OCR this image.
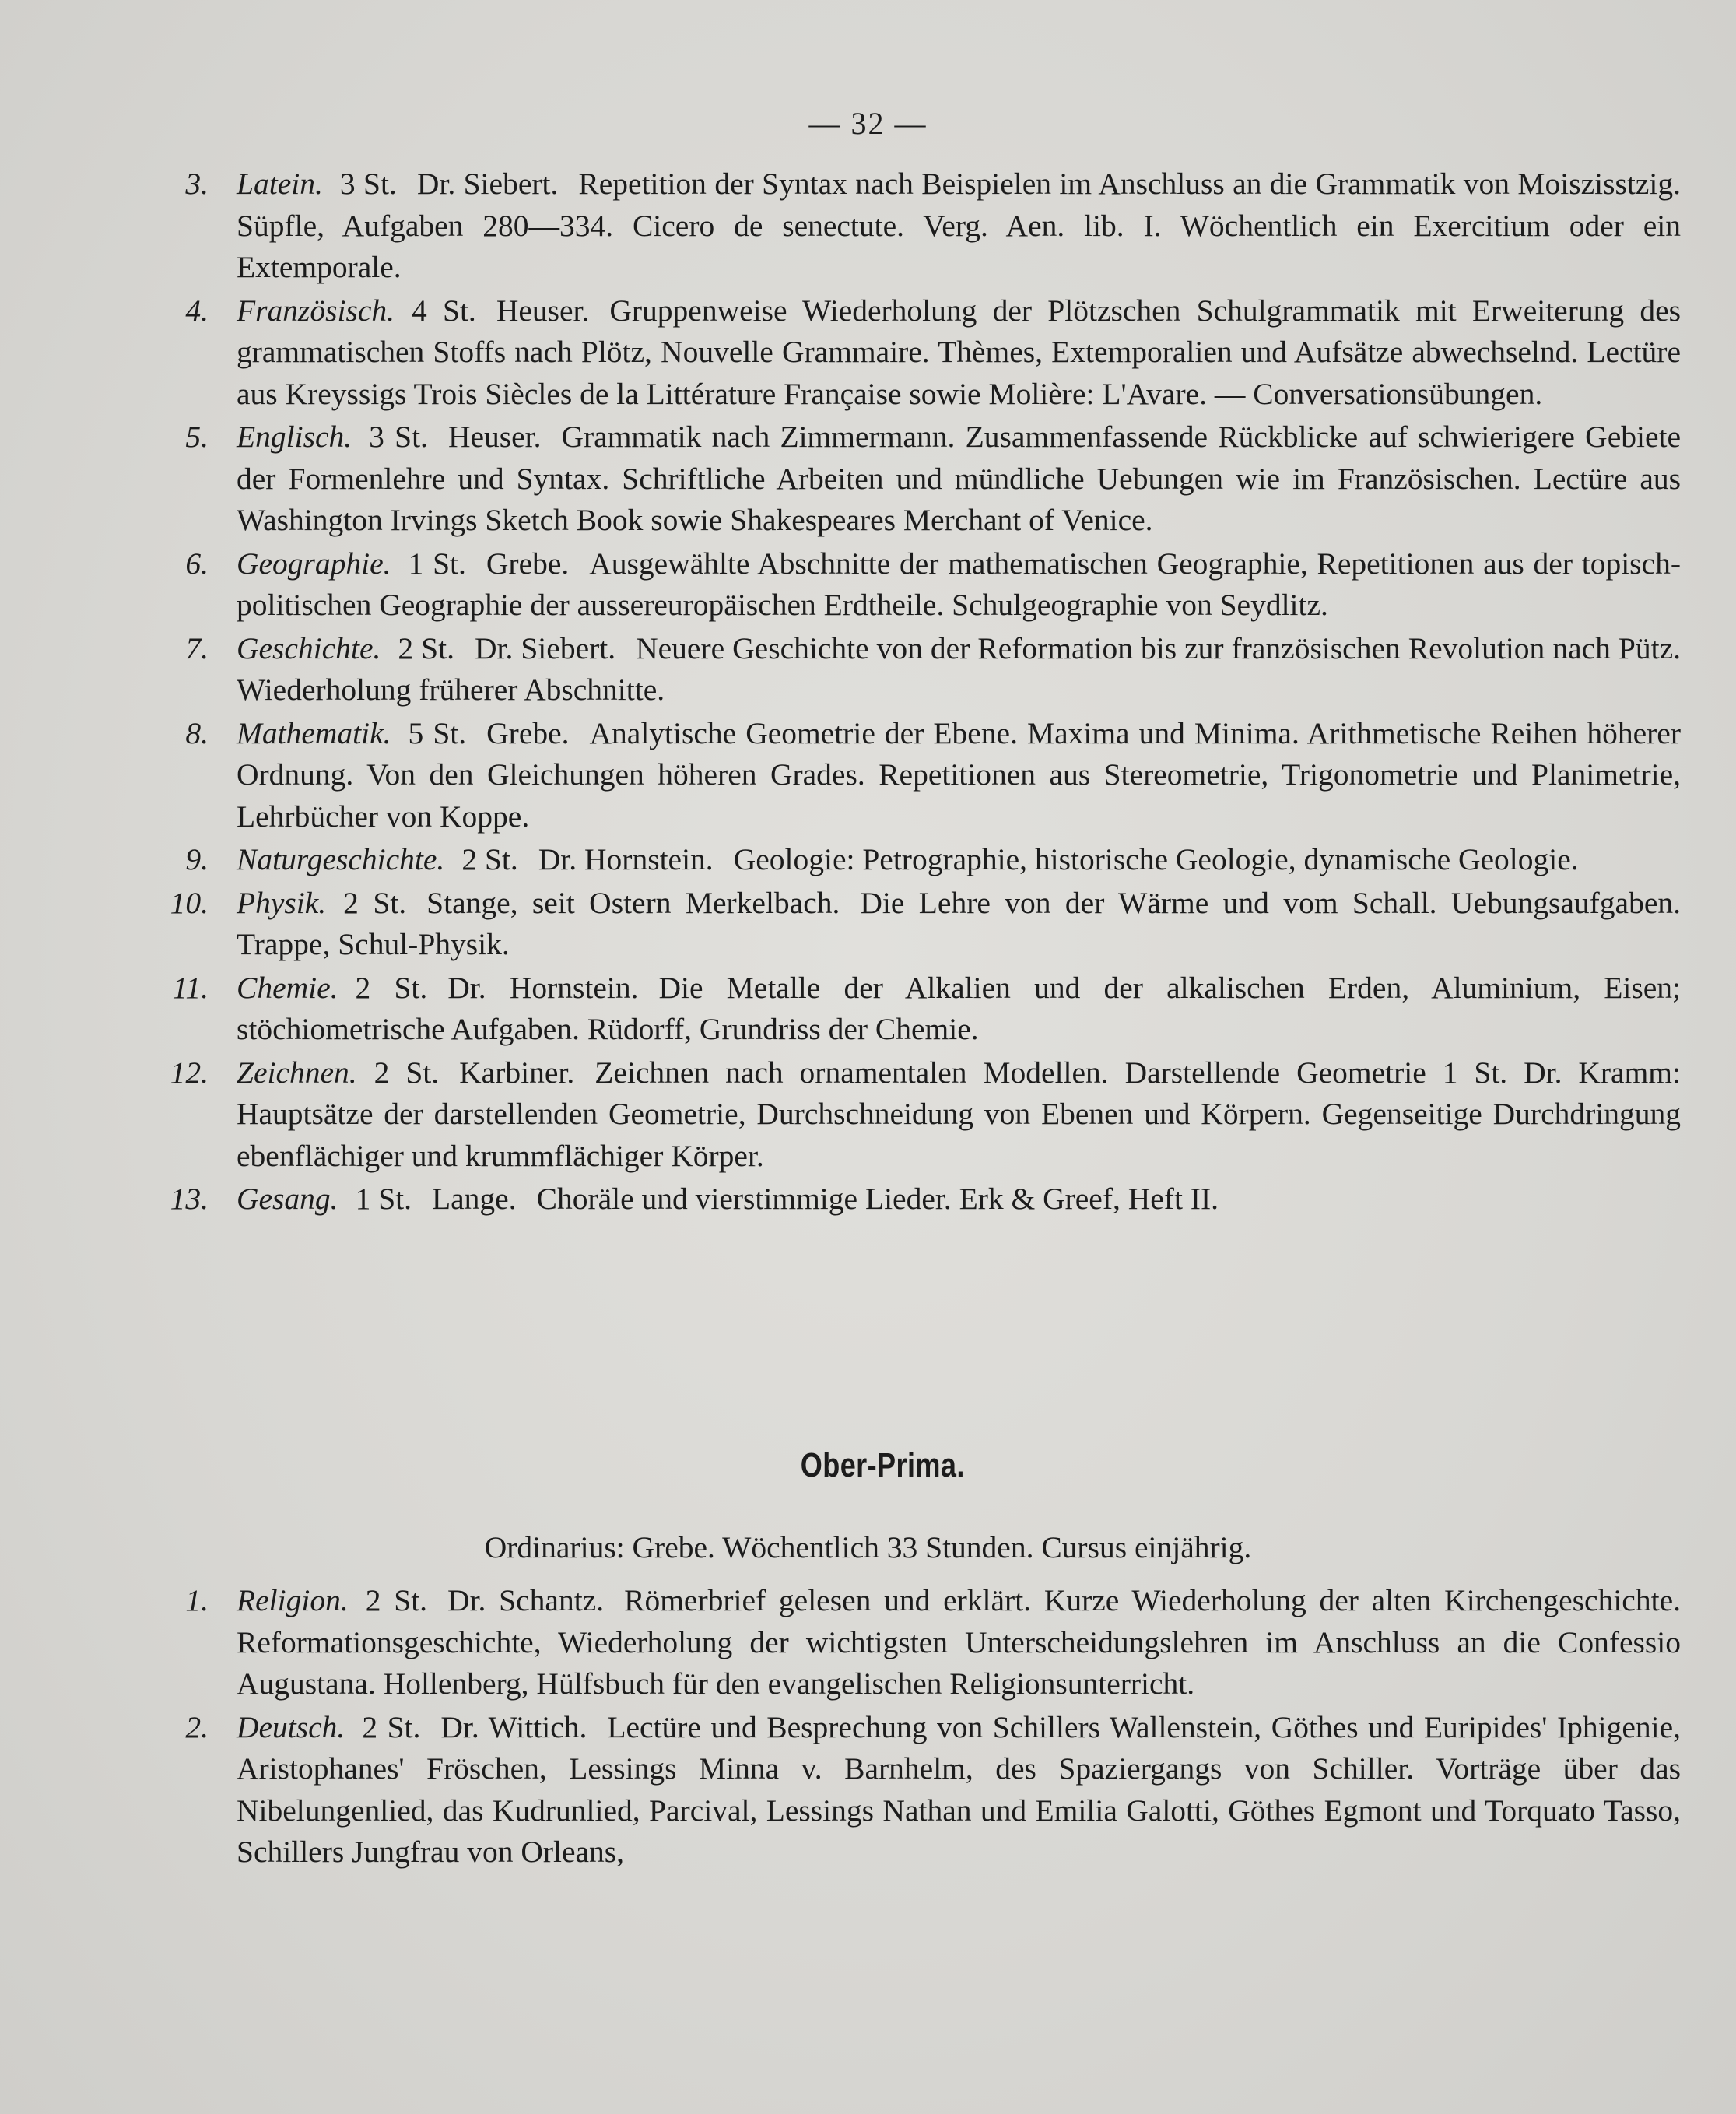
— 32 —
3. Latein. 3 St. Dr. Siebert. Repetition der Syntax nach Beispielen im Anschluss an die Grammatik von Moiszisstzig. Süpfle, Aufgaben 280—334. Cicero de senectute. Verg. Aen. lib. I. Wöchentlich ein Exercitium oder ein Extemporale.
4. Französisch. 4 St. Heuser. Gruppenweise Wiederholung der Plötzschen Schulgrammatik mit Erweiterung des grammatischen Stoffs nach Plötz, Nouvelle Grammaire. Thèmes, Extemporalien und Aufsätze abwechselnd. Lectüre aus Kreyssigs Trois Siècles de la Littérature Française sowie Molière: L'Avare. — Conversationsübungen.
5. Englisch. 3 St. Heuser. Grammatik nach Zimmermann. Zusammenfassende Rückblicke auf schwierigere Gebiete der Formenlehre und Syntax. Schriftliche Arbeiten und mündliche Uebungen wie im Französischen. Lectüre aus Washington Irvings Sketch Book sowie Shakespeares Merchant of Venice.
6. Geographie. 1 St. Grebe. Ausgewählte Abschnitte der mathematischen Geographie, Repetitionen aus der topisch-politischen Geographie der aussereuropäischen Erdtheile. Schulgeographie von Seydlitz.
7. Geschichte. 2 St. Dr. Siebert. Neuere Geschichte von der Reformation bis zur französischen Revolution nach Pütz. Wiederholung früherer Abschnitte.
8. Mathematik. 5 St. Grebe. Analytische Geometrie der Ebene. Maxima und Minima. Arithmetische Reihen höherer Ordnung. Von den Gleichungen höheren Grades. Repetitionen aus Stereometrie, Trigonometrie und Planimetrie, Lehrbücher von Koppe.
9. Naturgeschichte. 2 St. Dr. Hornstein. Geologie: Petrographie, historische Geologie, dynamische Geologie.
10. Physik. 2 St. Stange, seit Ostern Merkelbach. Die Lehre von der Wärme und vom Schall. Uebungsaufgaben. Trappe, Schul-Physik.
11. Chemie. 2 St. Dr. Hornstein. Die Metalle der Alkalien und der alkalischen Erden, Aluminium, Eisen; stöchiometrische Aufgaben. Rüdorff, Grundriss der Chemie.
12. Zeichnen. 2 St. Karbiner. Zeichnen nach ornamentalen Modellen. Darstellende Geometrie 1 St. Dr. Kramm: Hauptsätze der darstellenden Geometrie, Durchschneidung von Ebenen und Körpern. Gegenseitige Durchdringung ebenflächiger und krummflächiger Körper.
13. Gesang. 1 St. Lange. Choräle und vierstimmige Lieder. Erk & Greef, Heft II.
Ober-Prima.
Ordinarius: Grebe. Wöchentlich 33 Stunden. Cursus einjährig.
1. Religion. 2 St. Dr. Schantz. Römerbrief gelesen und erklärt. Kurze Wiederholung der alten Kirchengeschichte. Reformationsgeschichte, Wiederholung der wichtigsten Unterscheidungslehren im Anschluss an die Confessio Augustana. Hollenberg, Hülfsbuch für den evangelischen Religionsunterricht.
2. Deutsch. 2 St. Dr. Wittich. Lectüre und Besprechung von Schillers Wallenstein, Göthes und Euripides' Iphigenie, Aristophanes' Fröschen, Lessings Minna v. Barnhelm, des Spaziergangs von Schiller. Vorträge über das Nibelungenlied, das Kudrunlied, Parcival, Lessings Nathan und Emilia Galotti, Göthes Egmont und Torquato Tasso, Schillers Jungfrau von Orleans,
